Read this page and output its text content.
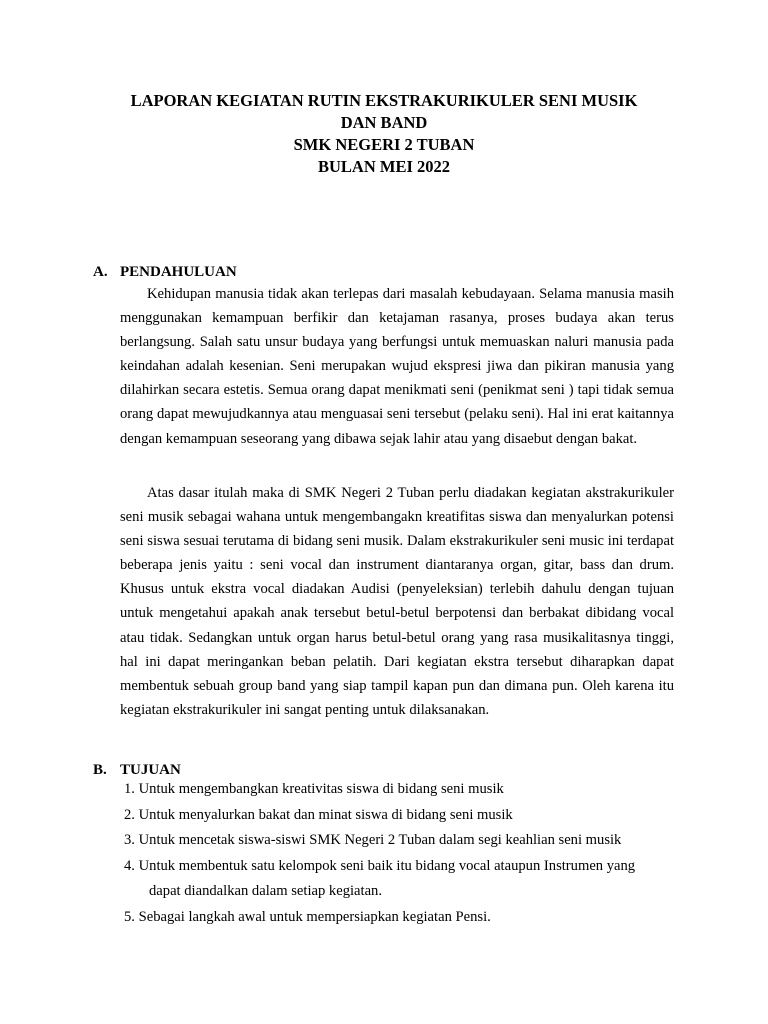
LAPORAN KEGIATAN RUTIN EKSTRAKURIKULER SENI MUSIK
DAN BAND
SMK NEGERI 2 TUBAN
BULAN MEI 2022
A. PENDAHULUAN

Kehidupan manusia tidak akan terlepas dari masalah kebudayaan. Selama manusia masih menggunakan kemampuan berfikir dan ketajaman rasanya, proses budaya akan terus berlangsung. Salah satu unsur budaya yang berfungsi untuk memuaskan naluri manusia pada keindahan adalah kesenian. Seni merupakan wujud ekspresi jiwa dan pikiran manusia yang dilahirkan secara estetis. Semua orang dapat menikmati seni (penikmat seni ) tapi tidak semua orang dapat mewujudkannya atau menguasai seni tersebut (pelaku seni). Hal ini erat kaitannya dengan kemampuan seseorang yang dibawa sejak lahir atau yang disaebut dengan bakat.

Atas dasar itulah maka di SMK Negeri 2 Tuban perlu diadakan kegiatan akstrakurikuler seni musik sebagai wahana untuk mengembangakn kreatifitas siswa dan menyalurkan potensi seni siswa sesuai terutama di bidang seni musik. Dalam ekstrakurikuler seni music ini terdapat beberapa jenis yaitu : seni vocal dan instrument diantaranya organ, gitar, bass dan drum. Khusus untuk ekstra vocal diadakan Audisi (penyeleksian) terlebih dahulu dengan tujuan untuk mengetahui apakah anak tersebut betul-betul berpotensi dan berbakat dibidang vocal atau tidak. Sedangkan untuk organ harus betul-betul orang yang rasa musikalitasnya tinggi, hal ini dapat meringankan beban pelatih. Dari kegiatan ekstra tersebut diharapkan dapat membentuk sebuah group band yang siap tampil kapan pun dan dimana pun. Oleh karena itu kegiatan ekstrakurikuler ini sangat penting untuk dilaksanakan.

B. TUJUAN
1. Untuk mengembangkan kreativitas siswa di bidang seni musik
2. Untuk menyalurkan bakat dan minat siswa di bidang seni musik
3. Untuk mencetak siswa-siswi SMK Negeri 2 Tuban dalam segi keahlian seni musik
4. Untuk membentuk satu kelompok seni baik itu bidang vocal ataupun Instrumen yang
dapat diandalkan dalam setiap kegiatan.
5. Sebagai langkah awal untuk mempersiapkan kegiatan Pensi.
